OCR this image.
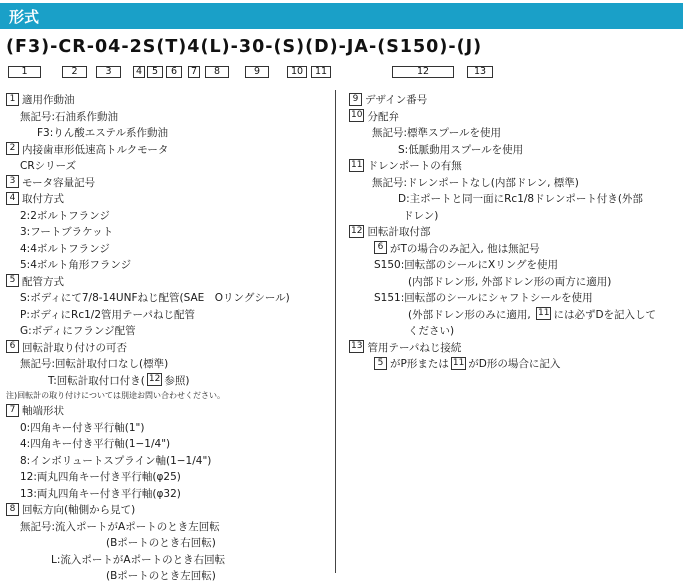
形式
(F3)-CR-04-2S(T)4(L)-30-(S)(D)-JA-(S150)-(J)
1	2	3	4	5	6	7	8	9	10	11	12	13
1 適用作動油
無記号:石油系作動油
F3:りん酸エステル系作動油
2 内接歯車形低速高トルクモータ
CRシリーズ
3 モータ容量記号
4 取付方式
2:2ボルトフランジ
3:フートブラケット
4:4ボルトフランジ
5:4ボルト角形フランジ
5 配管方式
S:ボディにて7/8-14UNFねじ配管(SAE　Oリングシール)
P:ボディにRc1/2管用テーパねじ配管
G:ボディにフランジ配管
6 回転計取り付けの可否
無記号:回転計取付口なし(標準)
T:回転計取付口付き( 12 参照)
注)回転計の取り付けについては別途お問い合わせください。
7 軸端形状
0:四角キー付き平行軸(1")
4:四角キー付き平行軸(1−1/4")
8:インボリュートスプライン軸(1−1/4")
12:両丸四角キー付き平行軸(φ25)
13:両丸四角キー付き平行軸(φ32)
8 回転方向(軸側から見て)
無記号:流入ポートがAポートのとき左回転
(Bポートのとき右回転)
L:流入ポートがAポートのとき右回転
(Bポートのとき左回転)
9 デザイン番号
10 分配弁
無記号:標準スプールを使用
S:低脈動用スプールを使用
11 ドレンポートの有無
無記号:ドレンポートなし(内部ドレン, 標準)
D:主ポートと同一面にRc1/8ドレンポート付き(外部
ドレン)
12 回転計取付部
6 がTの場合のみ記入, 他は無記号
S150:回転部のシールにXリングを使用
(内部ドレン形, 外部ドレン形の両方に適用)
S151:回転部のシールにシャフトシールを使用
(外部ドレン形のみに適用, 11 には必ずDを記入して
ください)
13 管用テーパねじ接続
5 がP形または 11 がD形の場合に記入
